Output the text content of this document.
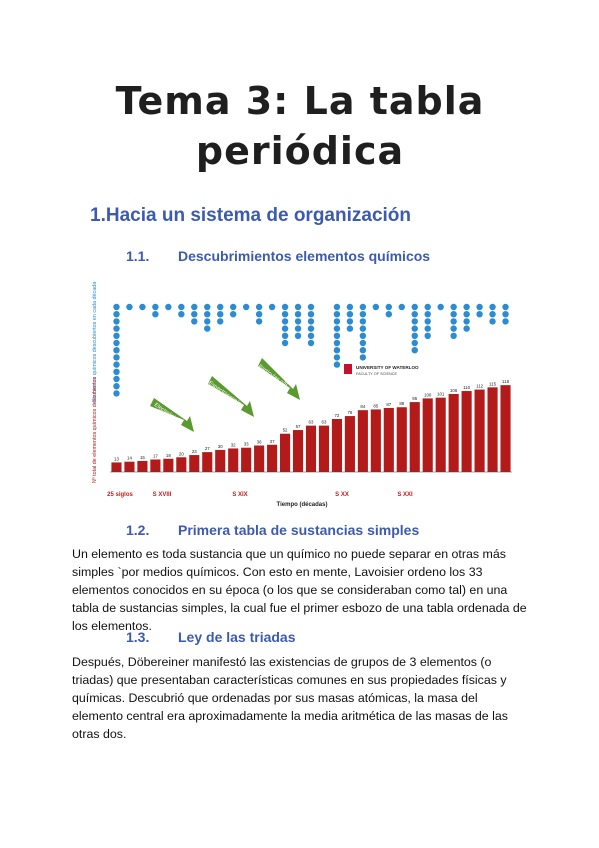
Tema 3: La tabla
periódica
1.Hacia un sistema de organización
1.1. Descubrimientos elementos químicos
13 14 15 17 18 20 23
27 30 32 33 36 37
52
57
63 63
72
76
84 85 87 88
95
100 101
106
110 112 115 118
Elementos químicos descubiertos en cada década
Nº total de elementos químicos descubiertos
25 siglos	S XVIII	S XIX	S XX	S XXI
Tiempo (décadas)
Electrolisis
Espectroscopía
Partículas α/β	UNIVERSITY OF WATERLOO
FACULTY OF SCIENCE
1.2. Primera tabla de sustancias simples
Un elemento es toda sustancia que un químico no puede separar en otras más simples `por medios químicos. Con esto en mente, Lavoisier ordeno los 33 elementos conocidos en su época (o los que se consideraban como tal) en una tabla de sustancias simples, la cual fue el primer esbozo de una tabla ordenada de los elementos.
1.3. Ley de las triadas
Después, Döbereiner manifestó las existencias de grupos de 3 elementos (o triadas) que presentaban características comunes en sus propiedades físicas y químicas. Descubrió que ordenadas por sus masas atómicas, la masa del elemento central era aproximadamente la media aritmética de las masas de las otras dos.
